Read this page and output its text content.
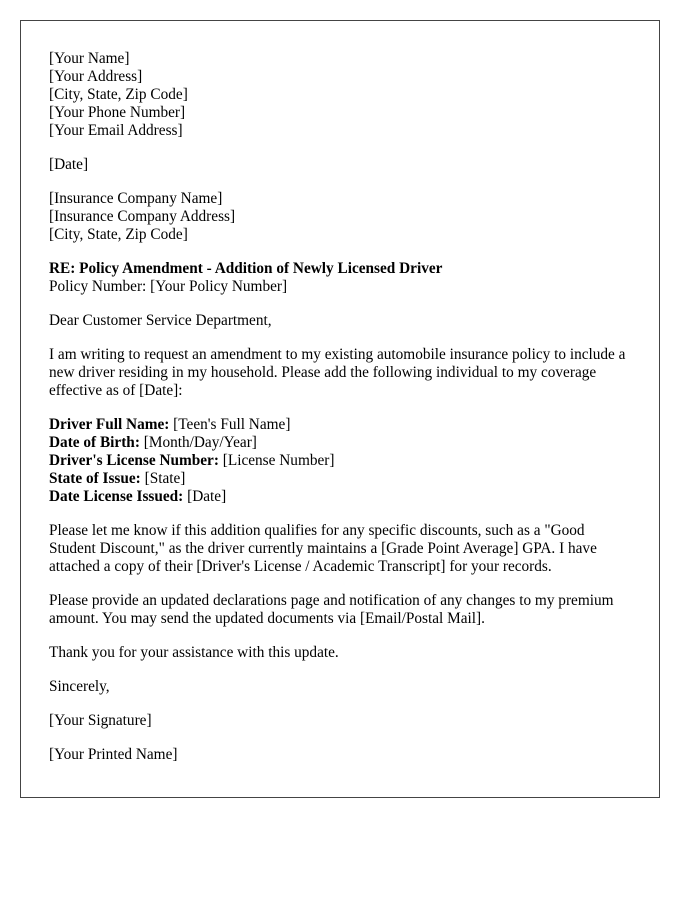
[Your Name]
[Your Address]
[City, State, Zip Code]
[Your Phone Number]
[Your Email Address]
[Date]
[Insurance Company Name]
[Insurance Company Address]
[City, State, Zip Code]
RE: Policy Amendment - Addition of Newly Licensed Driver
Policy Number: [Your Policy Number]

Dear Customer Service Department,

I am writing to request an amendment to my existing automobile insurance policy to include a new driver residing in my household. Please add the following individual to my coverage effective as of [Date]:

Driver Full Name: [Teen's Full Name]
Date of Birth: [Month/Day/Year]
Driver's License Number: [License Number]
State of Issue: [State]
Date License Issued: [Date]

Please let me know if this addition qualifies for any specific discounts, such as a "Good Student Discount," as the driver currently maintains a [Grade Point Average] GPA. I have attached a copy of their [Driver's License / Academic Transcript] for your records.

Please provide an updated declarations page and notification of any changes to my premium amount. You may send the updated documents via [Email/Postal Mail].

Thank you for your assistance with this update.

Sincerely,

[Your Signature]

[Your Printed Name]
